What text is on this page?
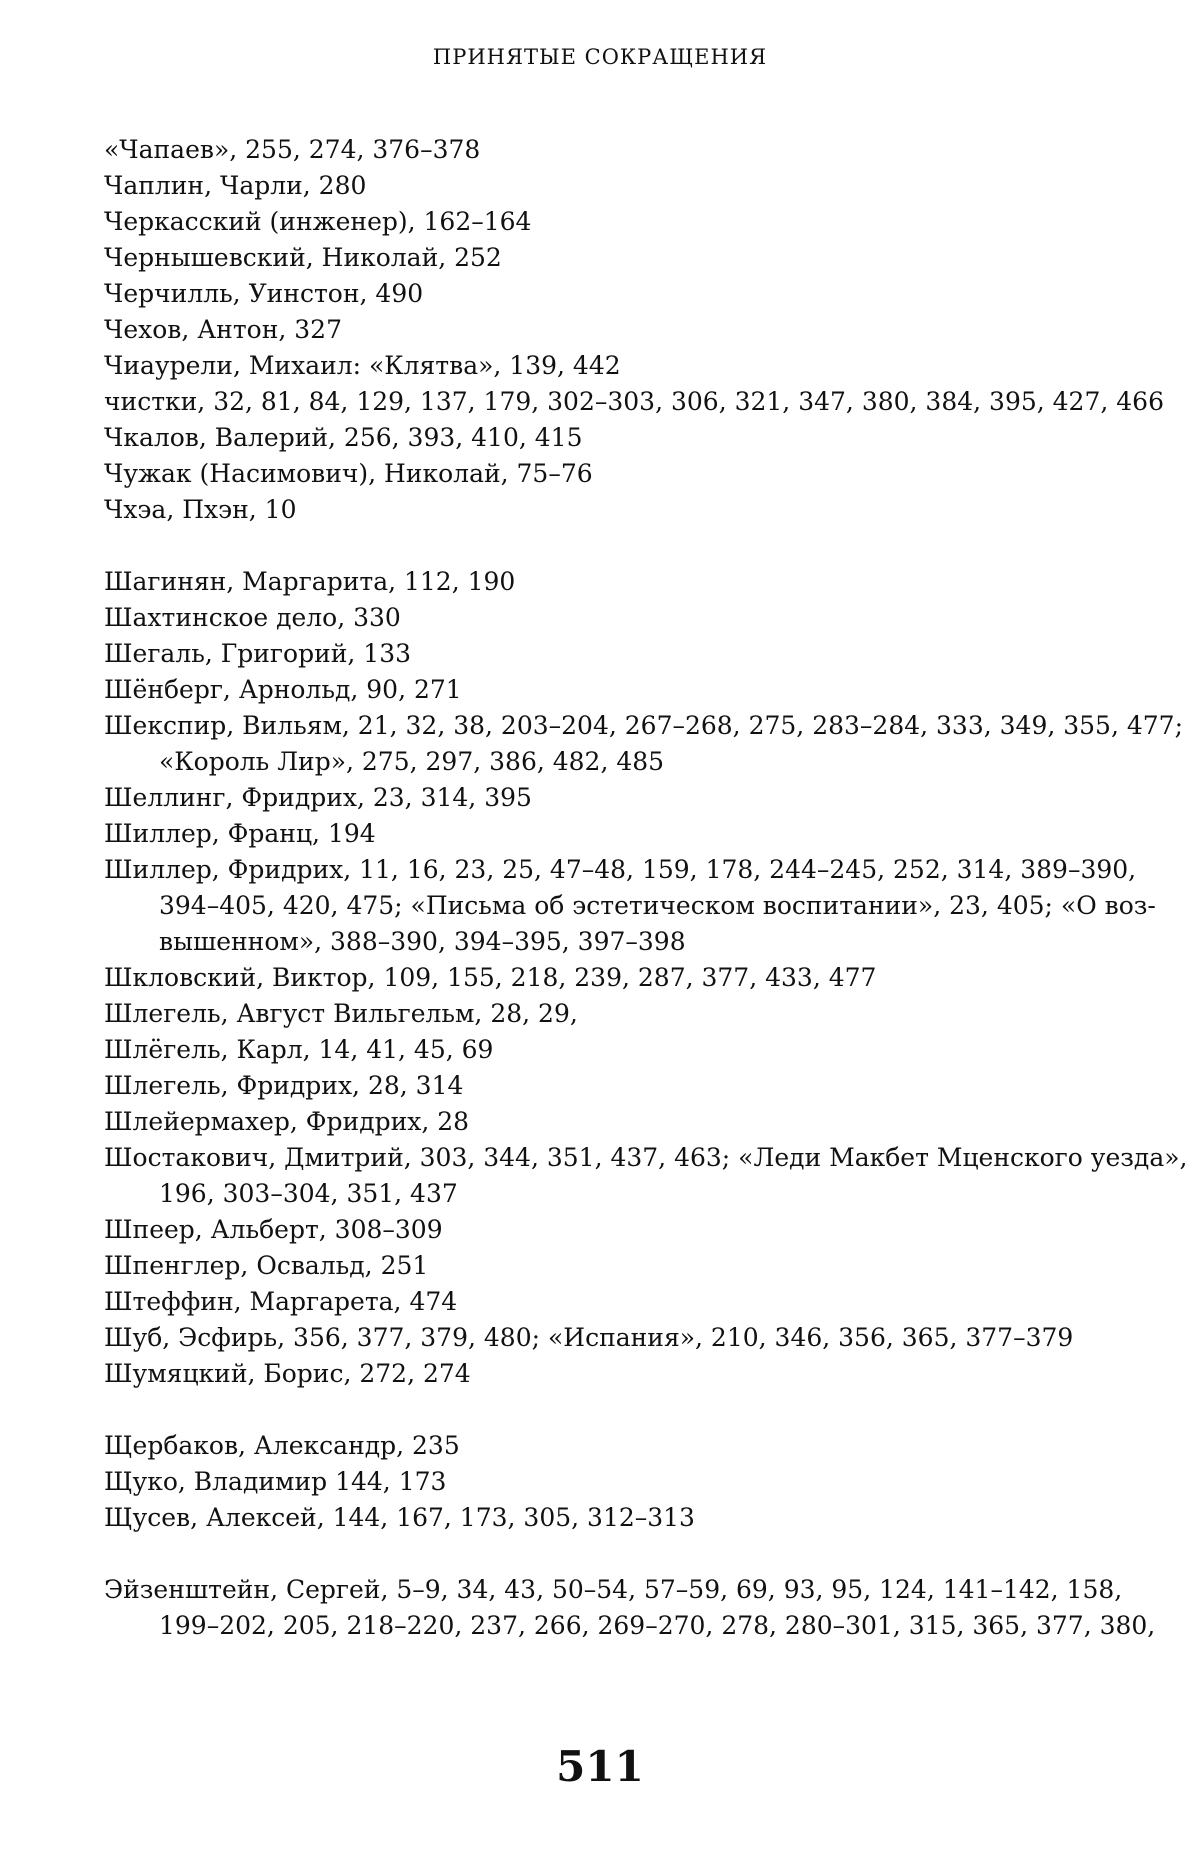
ПРИНЯТЫЕ СОКРАЩЕНИЯ
«Чапаев», 255, 274, 376–378
Чаплин, Чарли, 280
Черкасский (инженер), 162–164
Чернышевский, Николай, 252
Черчилль, Уинстон, 490
Чехов, Антон, 327
Чиаурели, Михаил: «Клятва», 139, 442
чистки, 32, 81, 84, 129, 137, 179, 302–303, 306, 321, 347, 380, 384, 395, 427, 466
Чкалов, Валерий, 256, 393, 410, 415
Чужак (Насимович), Николай, 75–76
Чхэа, Пхэн, 10
Шагинян, Маргарита, 112, 190
Шахтинское дело, 330
Шегаль, Григорий, 133
Шёнберг, Арнольд, 90, 271
Шекспир, Вильям, 21, 32, 38, 203–204, 267–268, 275, 283–284, 333, 349, 355, 477;
«Король Лир», 275, 297, 386, 482, 485
Шеллинг, Фридрих, 23, 314, 395
Шиллер, Франц, 194
Шиллер, Фридрих, 11, 16, 23, 25, 47–48, 159, 178, 244–245, 252, 314, 389–390,
394–405, 420, 475; «Письма об эстетическом воспитании», 23, 405; «О воз-
вышенном», 388–390, 394–395, 397–398
Шкловский, Виктор, 109, 155, 218, 239, 287, 377, 433, 477
Шлегель, Август Вильгельм, 28, 29,
Шлёгель, Карл, 14, 41, 45, 69
Шлегель, Фридрих, 28, 314
Шлейермахер, Фридрих, 28
Шостакович, Дмитрий, 303, 344, 351, 437, 463; «Леди Макбет Мценского уезда»,
196, 303–304, 351, 437
Шпеер, Альберт, 308–309
Шпенглер, Освальд, 251
Штеффин, Маргарета, 474
Шуб, Эсфирь, 356, 377, 379, 480; «Испания», 210, 346, 356, 365, 377–379
Шумяцкий, Борис, 272, 274
Щербаков, Александр, 235
Щуко, Владимир 144, 173
Щусев, Алексей, 144, 167, 173, 305, 312–313
Эйзенштейн, Сергей, 5–9, 34, 43, 50–54, 57–59, 69, 93, 95, 124, 141–142, 158,
199–202, 205, 218–220, 237, 266, 269–270, 278, 280–301, 315, 365, 377, 380,
511
